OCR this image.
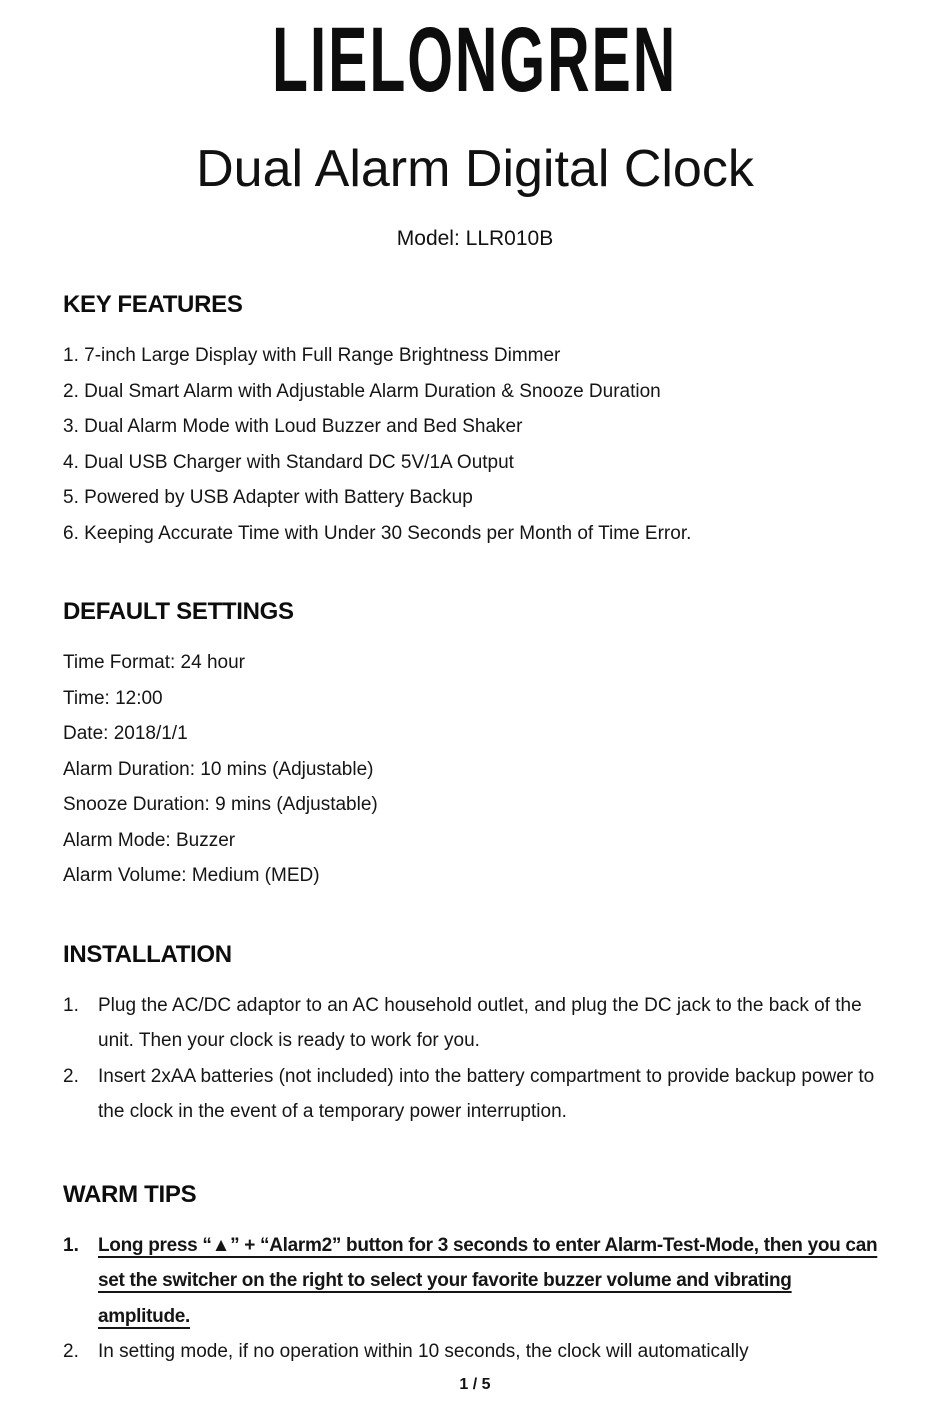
LIELONGREN
Dual Alarm Digital Clock
Model: LLR010B
KEY FEATURES
1. 7-inch Large Display with Full Range Brightness Dimmer
2. Dual Smart Alarm with Adjustable Alarm Duration & Snooze Duration
3. Dual Alarm Mode with Loud Buzzer and Bed Shaker
4. Dual USB Charger with Standard DC 5V/1A Output
5. Powered by USB Adapter with Battery Backup
6. Keeping Accurate Time with Under 30 Seconds per Month of Time Error.
DEFAULT SETTINGS
Time Format: 24 hour
Time: 12:00
Date: 2018/1/1
Alarm Duration: 10 mins (Adjustable)
Snooze Duration: 9 mins (Adjustable)
Alarm Mode: Buzzer
Alarm Volume: Medium (MED)
INSTALLATION
1.	Plug the AC/DC adaptor to an AC household outlet, and plug the DC jack to the back of the unit. Then your clock is ready to work for you.
2.	Insert 2xAA batteries (not included) into the battery compartment to provide backup power to the clock in the event of a temporary power interruption.
WARM TIPS
1.	Long press “▲” + “Alarm2” button for 3 seconds to enter Alarm-Test-Mode, then you can set the switcher on the right to select your favorite buzzer volume and vibrating amplitude.
2.	In setting mode, if no operation within 10 seconds, the clock will automatically
1 / 5
